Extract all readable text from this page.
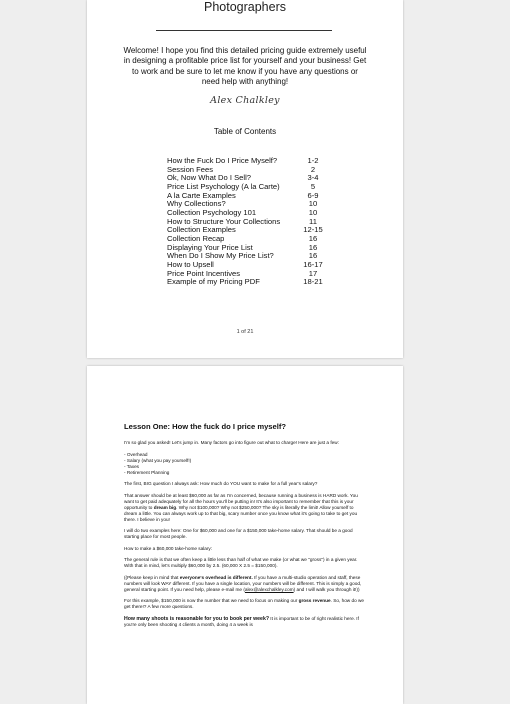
Photographers
Welcome! I hope you find this detailed pricing guide extremely useful in designing a profitable price list for yourself and your business! Get to work and be sure to let me know if you have any questions or need help with anything!
Alex Chalkley
Table of Contents
How the Fuck Do I Price Myself?	1-2
Session Fees	2
Ok, Now What Do I Sell?	3-4
Price List Psychology (A la Carte)	5
A la Carte Examples	6-9
Why Collections?	10
Collection Psychology 101	10
How to Structure Your Collections	11
Collection Examples	12-15
Collection Recap	16
Displaying Your Price List	16
When Do I Show My Price List?	16
How to Upsell	16-17
Price Point Incentives	17
Example of my Pricing PDF	18-21
1 of 21
Lesson One: How the fuck do I price myself?

I'm so glad you asked! Let's jump in. Many factors go into figure out what to charge! Here are just a few:

- Overhead
- Salary (what you pay yourself!)
- Taxes
- Retirement Planning

The first, BIG question I always ask: How much do YOU want to make for a full year's salary?

That answer should be at least $60,000 as far as I'm concerned, because running a business is HARD work. You want to get paid adequately for all the hours you'll be putting in! It's also important to remember that this is your opportunity to dream big. Why not $100,000? Why not $250,000? The sky is literally the limit! Allow yourself to dream a little. You can always work up to that big, scary number once you know what it's going to take to get you there. I believe in you!

I will do two examples here: One for $60,000 and one for a $150,000 take-home salary. That should be a good starting place for most people.

How to make a $60,000 take-home salary:

The general rule is that we often keep a little less than half of what we make (or what we "gross") in a given year. With that in mind, let's multiply $60,000 by 2.5. (60,000 X 2.5 = $150,000).

((Please keep in mind that everyone's overhead is different. If you have a multi-studio operation and staff, these numbers will look WAY different. If you have a single location, your numbers will be different. This is simply a good, general starting point. If you need help, please e-mail me (alex@alexchalkley.com) and I will walk you through it!))

For this example, $150,000 is now the number that we need to focus on making our gross revenue. So, how do we get there!? A few more questions.

How many shoots is reasonable for you to book per week? It is important to be of right realistic here. If you're only been shooting 4 clients a month, doing 4 a week is
